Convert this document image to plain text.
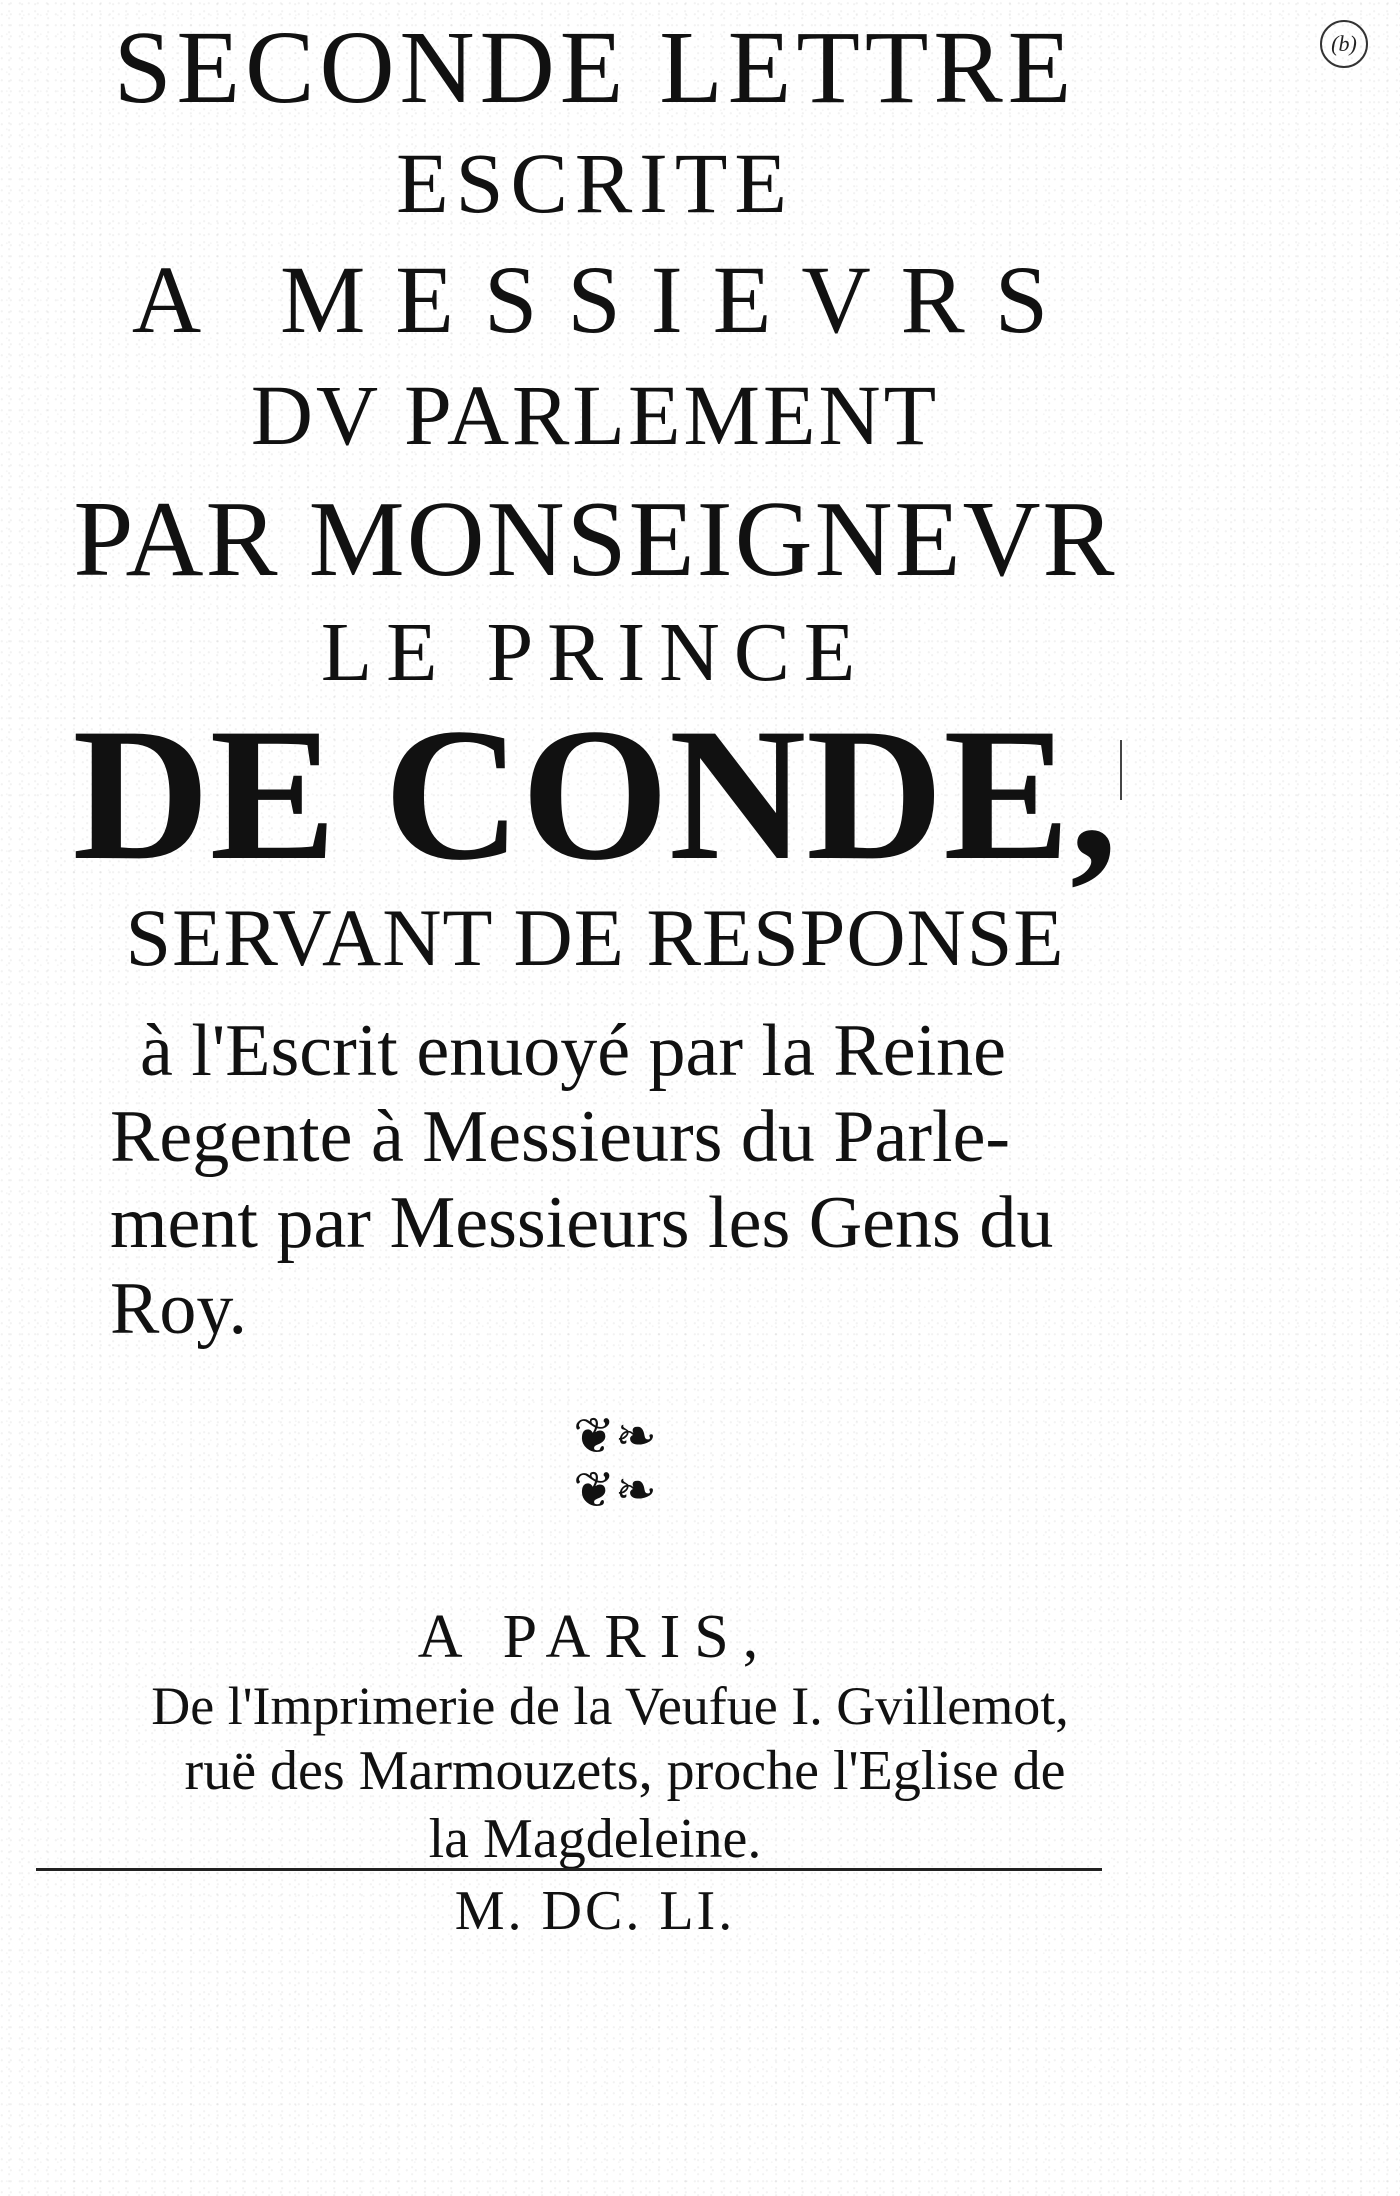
(b)

SECONDE LETTRE

ESCRITE

A MESSIEVRS

DV PARLEMENT

PAR MONSEIGNEVR

LE PRINCE

DE CONDE,

SERVANT DE RESPONSE

à l'Escrit enuoyé par la Reine

Regente à Messieurs du Parle-

ment par Messieurs les Gens du

Roy.

❦❧
❦❧

A PARIS,

De l'Imprimerie de la Veufue I. Gvillemot,

ruë des Marmouzets, proche l'Eglise de

la Magdeleine.

M. DC. LI.
